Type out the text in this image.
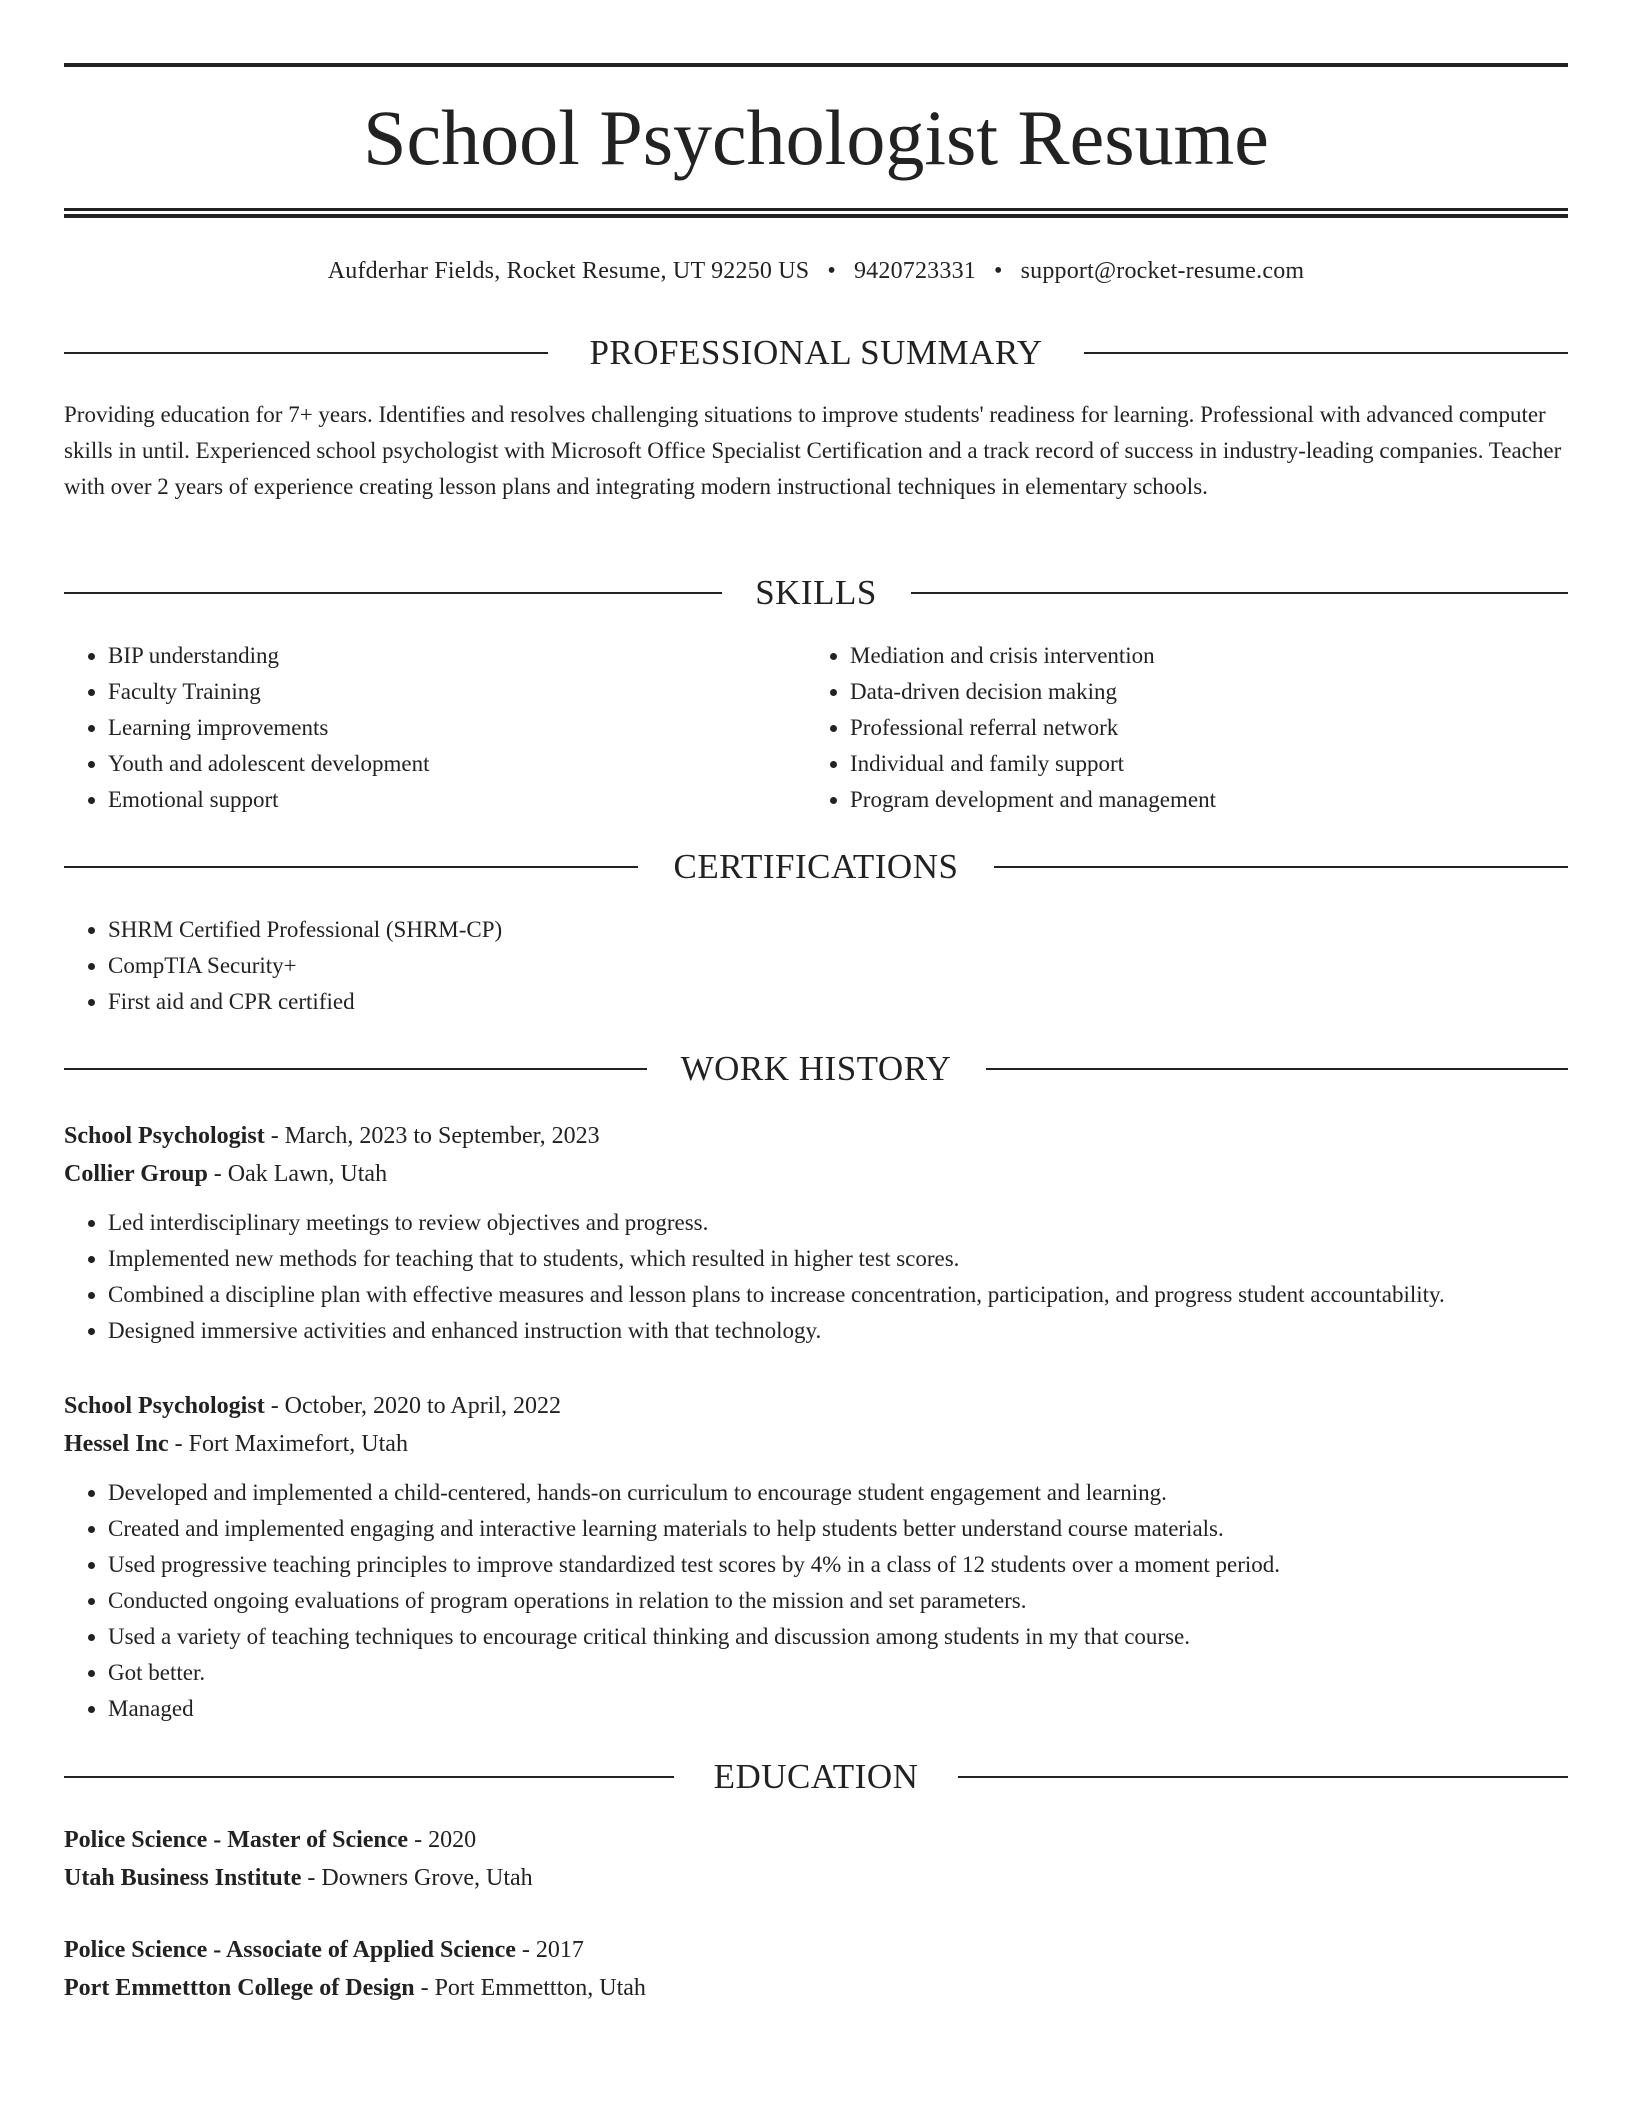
School Psychologist Resume
Aufderhar Fields, Rocket Resume, UT 92250 US • 9420723331 • support@rocket-resume.com
PROFESSIONAL SUMMARY

Providing education for 7+ years. Identifies and resolves challenging situations to improve students' readiness for learning. Professional with advanced computer skills in until. Experienced school psychologist with Microsoft Office Specialist Certification and a track record of success in industry-leading companies. Teacher with over 2 years of experience creating lesson plans and integrating modern instructional techniques in elementary schools.

SKILLS
• BIP understanding
• Faculty Training
• Learning improvements
• Youth and adolescent development
• Emotional support
• Mediation and crisis intervention
• Data-driven decision making
• Professional referral network
• Individual and family support
• Program development and management
CERTIFICATIONS
• SHRM Certified Professional (SHRM-CP)
• CompTIA Security+
• First aid and CPR certified
WORK HISTORY
School Psychologist - March, 2023 to September, 2023
Collier Group - Oak Lawn, Utah
• Led interdisciplinary meetings to review objectives and progress.
• Implemented new methods for teaching that to students, which resulted in higher test scores.
• Combined a discipline plan with effective measures and lesson plans to increase concentration, participation, and progress student accountability.
• Designed immersive activities and enhanced instruction with that technology.
School Psychologist - October, 2020 to April, 2022
Hessel Inc - Fort Maximefort, Utah
• Developed and implemented a child-centered, hands-on curriculum to encourage student engagement and learning.
• Created and implemented engaging and interactive learning materials to help students better understand course materials.
• Used progressive teaching principles to improve standardized test scores by 4% in a class of 12 students over a moment period.
• Conducted ongoing evaluations of program operations in relation to the mission and set parameters.
• Used a variety of teaching techniques to encourage critical thinking and discussion among students in my that course.
• Got better.
• Managed
EDUCATION
Police Science - Master of Science - 2020
Utah Business Institute - Downers Grove, Utah
Police Science - Associate of Applied Science - 2017
Port Emmettton College of Design - Port Emmettton, Utah
